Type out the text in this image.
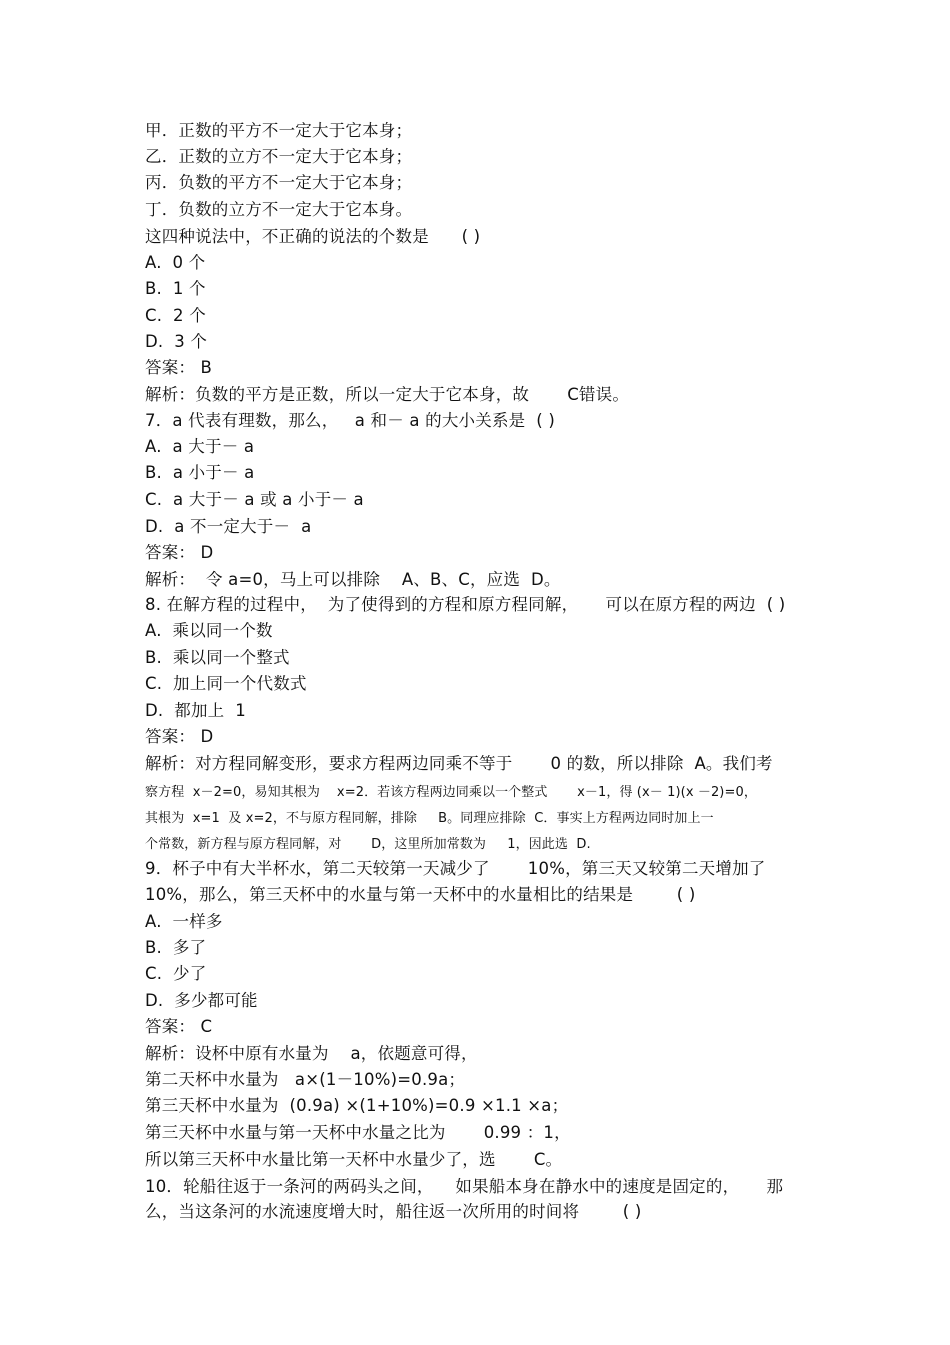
甲．正数的平方不一定大于它本身；
乙．正数的立方不一定大于它本身；
丙．负数的平方不一定大于它本身；
丁．负数的立方不一定大于它本身。
这四种说法中，不正确的说法的个数是      ( )
A.  0 个
B.  1 个
C.  2 个
D.  3 个
答案： B
解析：负数的平方是正数，所以一定大于它本身，故       C错误。
7．a 代表有理数，那么，   a 和－ a 的大小关系是  ( )
A.  a 大于－ a
B.  a 小于－ a
C.  a 大于－ a 或 a 小于－ a
D.  a 不一定大于－  a
答案： D
解析：  令 a=0，马上可以排除    A、B、C，应选  D。
8. 在解方程的过程中，  为了使得到的方程和原方程同解，     可以在原方程的两边  ( )
A.  乘以同一个数
B.  乘以同一个整式
C.  加上同一个代数式
D.  都加上  1
答案： D
解析：对方程同解变形，要求方程两边同乘不等于       0 的数，所以排除  A。我们考
察方程  x－2=0，易知其根为    x=2．若该方程两边同乘以一个整式       x－1，得 (x－ 1)(x －2)=0，
其根为  x=1  及 x=2，不与原方程同解，排除     B。同理应排除  C．事实上方程两边同时加上一
个常数，新方程与原方程同解，对       D，这里所加常数为     1，因此选  D.
9．杯子中有大半杯水，第二天较第一天减少了       10%，第三天又较第二天增加了
10%，那么，第三天杯中的水量与第一天杯中的水量相比的结果是        ( )
A.  一样多
B.  多了
C.  少了
D.  多少都可能
答案： C
解析：设杯中原有水量为    a，依题意可得，
第二天杯中水量为   a×(1－10%)=0.9a；
第三天杯中水量为  (0.9a) ×(1+10%)=0.9 ×1.1 ×a；
第三天杯中水量与第一天杯中水量之比为       0.99 ：1，
所以第三天杯中水量比第一天杯中水量少了，选       C。
10．轮船往返于一条河的两码头之间，    如果船本身在静水中的速度是固定的，     那
么，当这条河的水流速度增大时，船往返一次所用的时间将        ( )
